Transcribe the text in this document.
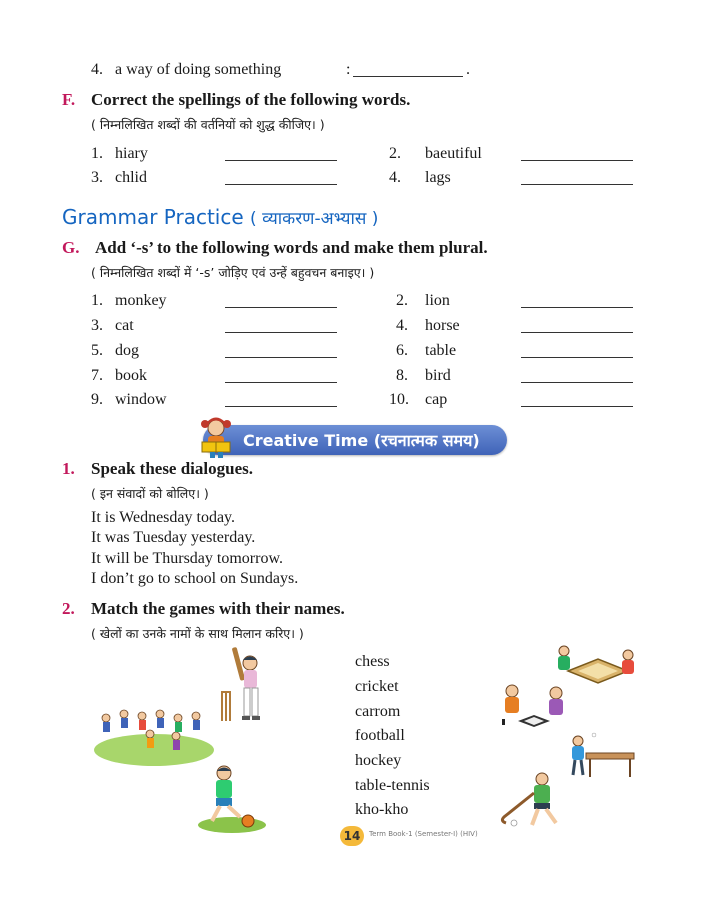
4. a way of doing something	:	.
F. Correct the spellings of the following words.
( निम्नलिखित शब्दों की वर्तनियों को शुद्ध कीजिए। )
1. hiary	2. baeutiful
3. chlid	4. lags
Grammar Practice ( व्याकरण-अभ्यास )
G. Add ‘-s’ to the following words and make them plural.
( निम्नलिखित शब्दों में ‘-s’ जोड़िए एवं उन्हें बहुवचन बनाइए। )
1. monkey	2. lion
3. cat	4. horse
5. dog	6. table
7. book	8. bird
9. window	10. cap
Creative Time (रचनात्मक समय)
1. Speak these dialogues.
( इन संवादों को बोलिए। )
It is Wednesday today.
It was Tuesday yesterday.
It will be Thursday tomorrow.
I don’t go to school on Sundays.
2. Match the games with their names.
( खेलों का उनके नामों के साथ मिलान करिए। )
chess
cricket
carrom
football
hockey
table-tennis
kho-kho
14	Term Book-1 (Semester-I) (HIV)
